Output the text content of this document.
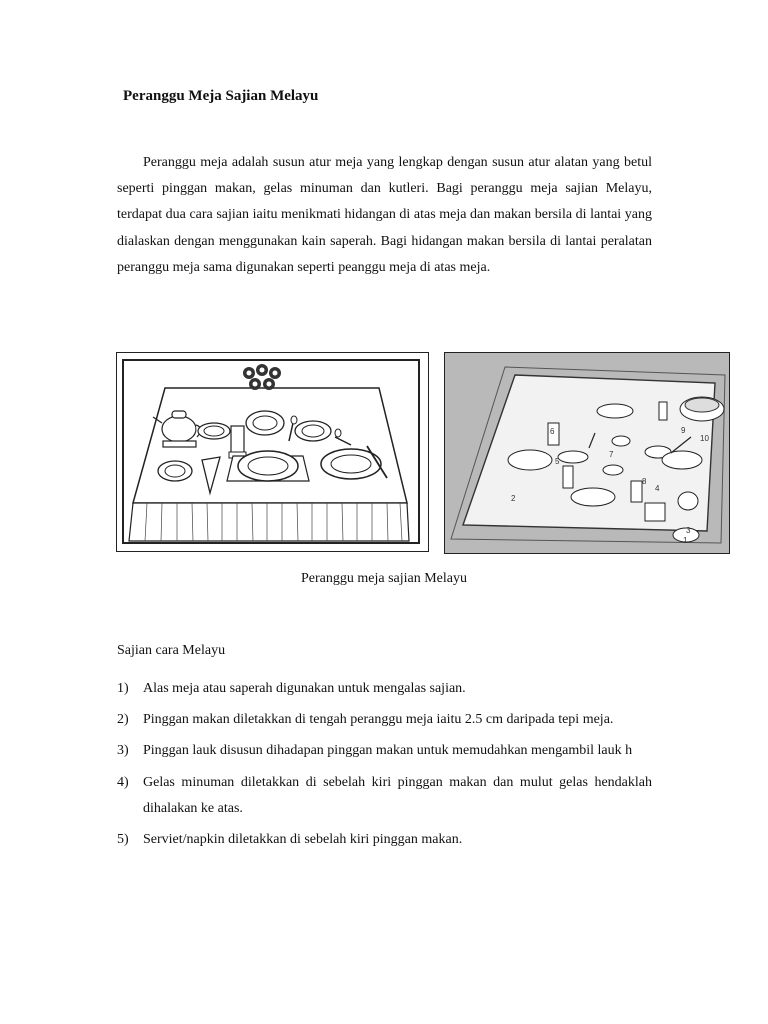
Peranggu Meja Sajian Melayu

Peranggu meja adalah susun atur meja yang lengkap dengan susun atur alatan yang betul seperti pinggan makan, gelas minuman dan kutleri. Bagi peranggu meja sajian Melayu, terdapat dua cara sajian iaitu menikmati hidangan di atas meja dan makan bersila di lantai yang dialaskan dengan menggunakan kain saperah. Bagi hidangan makan bersila di lantai peralatan peranggu meja sama digunakan seperti peanggu meja di atas meja.

1
2
3
4
5
6
7
8
9
10

Peranggu meja sajian Melayu

Sajian cara Melayu

1) Alas meja atau saperah digunakan untuk mengalas sajian.
2) Pinggan makan diletakkan di tengah peranggu meja iaitu 2.5 cm daripada tepi meja.
3) Pinggan lauk disusun dihadapan pinggan makan untuk memudahkan mengambil lauk h
4) Gelas minuman diletakkan di sebelah kiri pinggan makan dan mulut gelas hendaklah dihalakan ke atas.
5) Serviet/napkin diletakkan di sebelah kiri pinggan makan.
